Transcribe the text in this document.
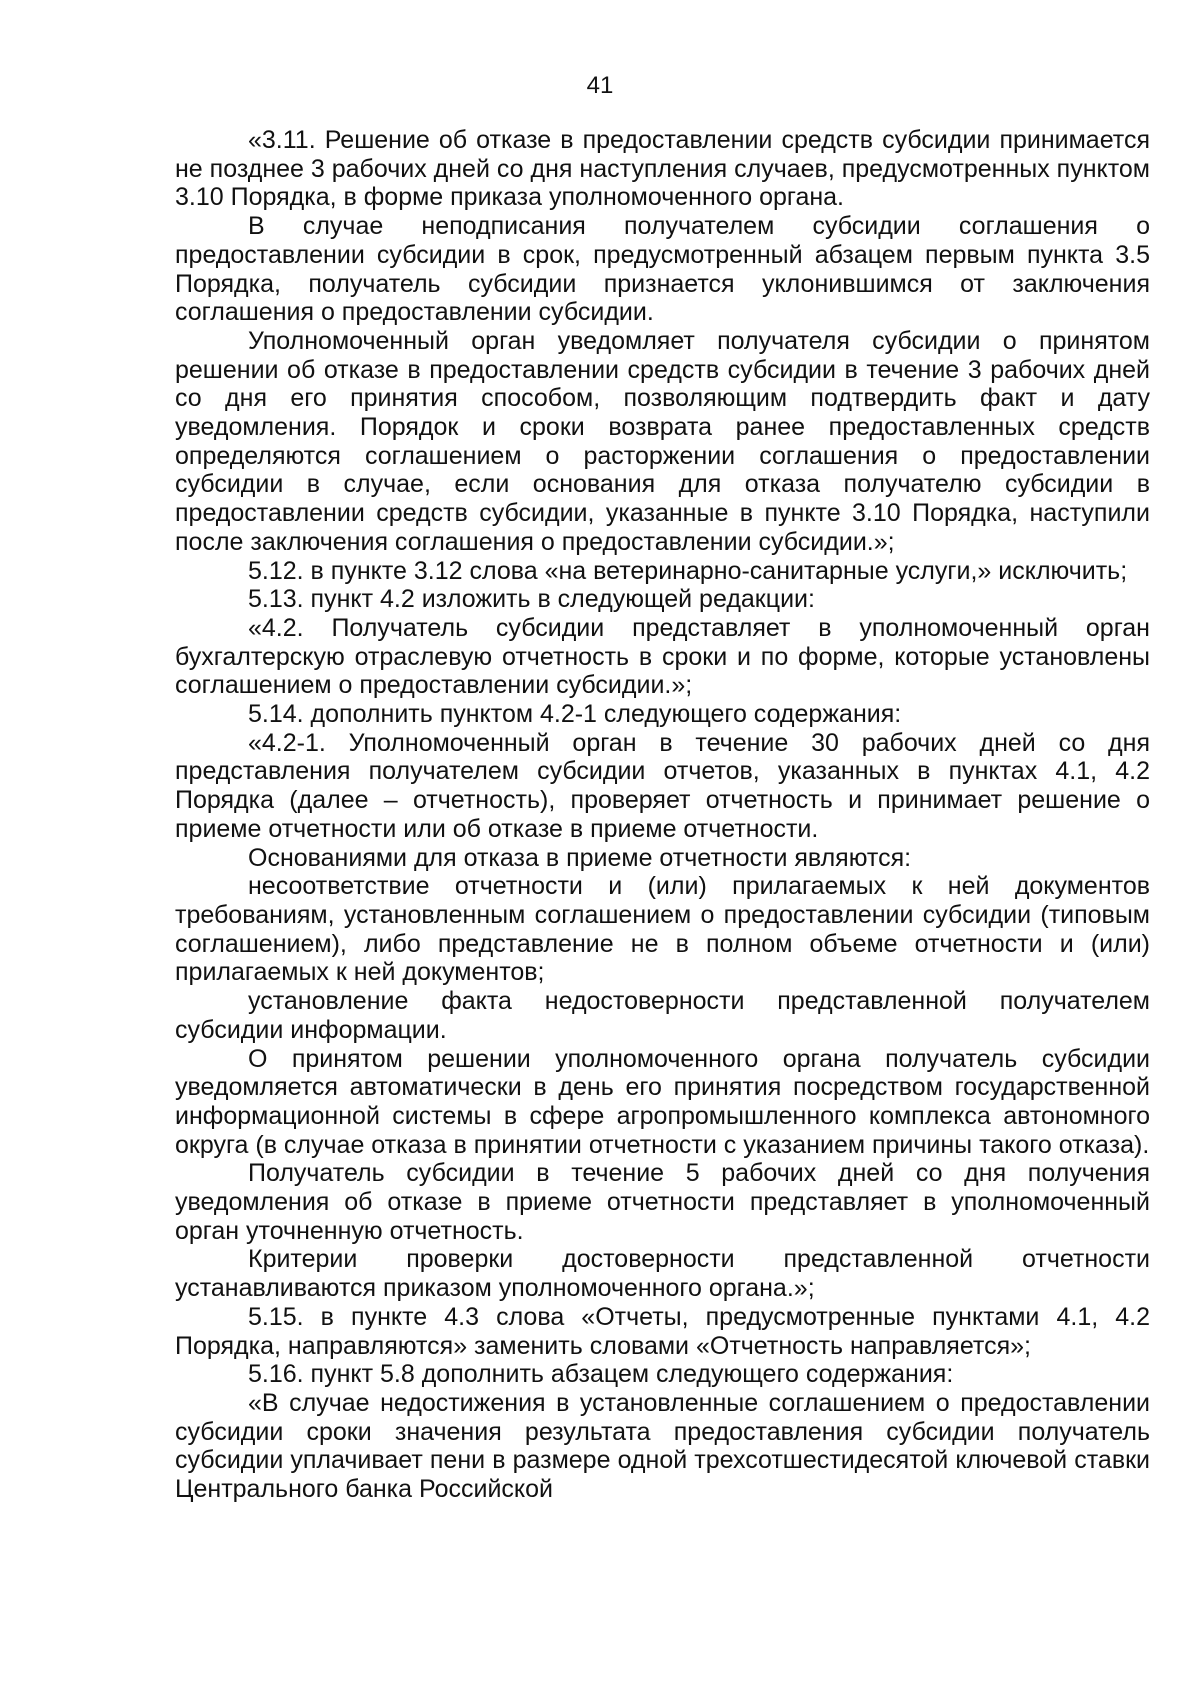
41

«3.11. Решение об отказе в предоставлении средств субсидии принимается не позднее 3 рабочих дней со дня наступления случаев, предусмотренных пунктом 3.10 Порядка, в форме приказа уполномоченного органа.

В случае неподписания получателем субсидии соглашения о предоставлении субсидии в срок, предусмотренный абзацем первым пункта 3.5 Порядка, получатель субсидии признается уклонившимся от заключения соглашения о предоставлении субсидии.

Уполномоченный орган уведомляет получателя субсидии о принятом решении об отказе в предоставлении средств субсидии в течение 3 рабочих дней со дня его принятия способом, позволяющим подтвердить факт и дату уведомления. Порядок и сроки возврата ранее предоставленных средств определяются соглашением о расторжении соглашения о предоставлении субсидии в случае, если основания для отказа получателю субсидии в предоставлении средств субсидии, указанные в пункте 3.10 Порядка, наступили после заключения соглашения о предоставлении субсидии.»;

5.12. в пункте 3.12 слова «на ветеринарно-санитарные услуги,» исключить;

5.13. пункт 4.2 изложить в следующей редакции:

«4.2. Получатель субсидии представляет в уполномоченный орган бухгалтерскую отраслевую отчетность в сроки и по форме, которые установлены соглашением о предоставлении субсидии.»;

5.14. дополнить пунктом 4.2-1 следующего содержания:

«4.2-1. Уполномоченный орган в течение 30 рабочих дней со дня представления получателем субсидии отчетов, указанных в пунктах 4.1, 4.2 Порядка (далее – отчетность), проверяет отчетность и принимает решение о приеме отчетности или об отказе в приеме отчетности.

Основаниями для отказа в приеме отчетности являются:

несоответствие отчетности и (или) прилагаемых к ней документов требованиям, установленным соглашением о предоставлении субсидии (типовым соглашением), либо представление не в полном объеме отчетности и (или) прилагаемых к ней документов;

установление факта недостоверности представленной получателем субсидии информации.

О принятом решении уполномоченного органа получатель субсидии уведомляется автоматически в день его принятия посредством государственной информационной системы в сфере агропромышленного комплекса автономного округа (в случае отказа в принятии отчетности с указанием причины такого отказа).

Получатель субсидии в течение 5 рабочих дней со дня получения уведомления об отказе в приеме отчетности представляет в уполномоченный орган уточненную отчетность.

Критерии проверки достоверности представленной отчетности устанавливаются приказом уполномоченного органа.»;

5.15. в пункте 4.3 слова «Отчеты, предусмотренные пунктами 4.1, 4.2 Порядка, направляются» заменить словами «Отчетность направляется»;

5.16. пункт 5.8 дополнить абзацем следующего содержания:

«В случае недостижения в установленные соглашением о предоставлении субсидии сроки значения результата предоставления субсидии получатель субсидии уплачивает пени в размере одной трехсотшестидесятой ключевой ставки Центрального банка Российской
